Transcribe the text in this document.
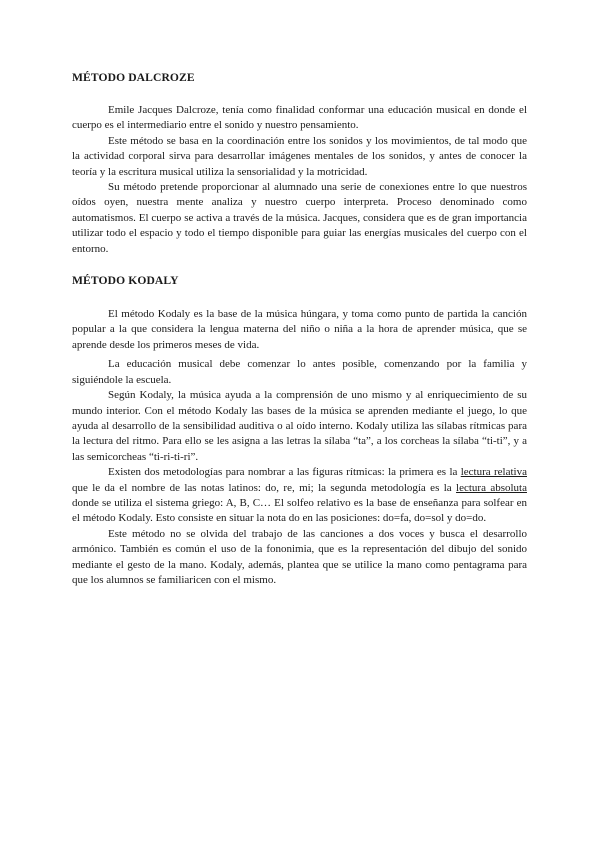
MÉTODO DALCROZE

Emile Jacques Dalcroze, tenía como finalidad conformar una educación musical en donde el cuerpo es el intermediario entre el sonido y nuestro pensamiento.

Este método se basa en la coordinación entre los sonidos y los movimientos, de tal modo que la actividad corporal sirva para desarrollar imágenes mentales de los sonidos, y antes de conocer la teoría y la escritura musical utiliza la sensorialidad y la motricidad.

Su método pretende proporcionar al alumnado una serie de conexiones entre lo que nuestros oídos oyen, nuestra mente analiza y nuestro cuerpo interpreta. Proceso denominado como automatismos. El cuerpo se activa a través de la música. Jacques, considera que es de gran importancia utilizar todo el espacio y todo el tiempo disponible para guiar las energías musicales del cuerpo con el entorno.

MÉTODO KODALY

El método Kodaly es la base de la música húngara, y toma como punto de partida la canción popular a la que considera la lengua materna del niño o niña a la hora de aprender música, que se aprende desde los primeros meses de vida.

La educación musical debe comenzar lo antes posible, comenzando por la familia y siguiéndole la escuela.

Según Kodaly, la música ayuda a la comprensión de uno mismo y al enriquecimiento de su mundo interior. Con el método Kodaly las bases de la música se aprenden mediante el juego, lo que ayuda al desarrollo de la sensibilidad auditiva o al oído interno. Kodaly utiliza las sílabas rítmicas para la lectura del ritmo. Para ello se les asigna a las letras la sílaba “ta”, a los corcheas la sílaba “ti-ti”, y a las semicorcheas “ti-ri-ti-ri”.

Existen dos metodologías para nombrar a las figuras rítmicas: la primera es la lectura relativa que le da el nombre de las notas latinos: do, re, mi; la segunda metodología es la lectura absoluta donde se utiliza el sistema griego: A, B, C… El solfeo relativo es la base de enseñanza para solfear en el método Kodaly. Esto consiste en situar la nota do en las posiciones: do=fa, do=sol y do=do.

Este método no se olvida del trabajo de las canciones a dos voces y busca el desarrollo armónico. También es común el uso de la fononimia, que es la representación del dibujo del sonido mediante el gesto de la mano. Kodaly, además, plantea que se utilice la mano como pentagrama para que los alumnos se familiaricen con el mismo.
